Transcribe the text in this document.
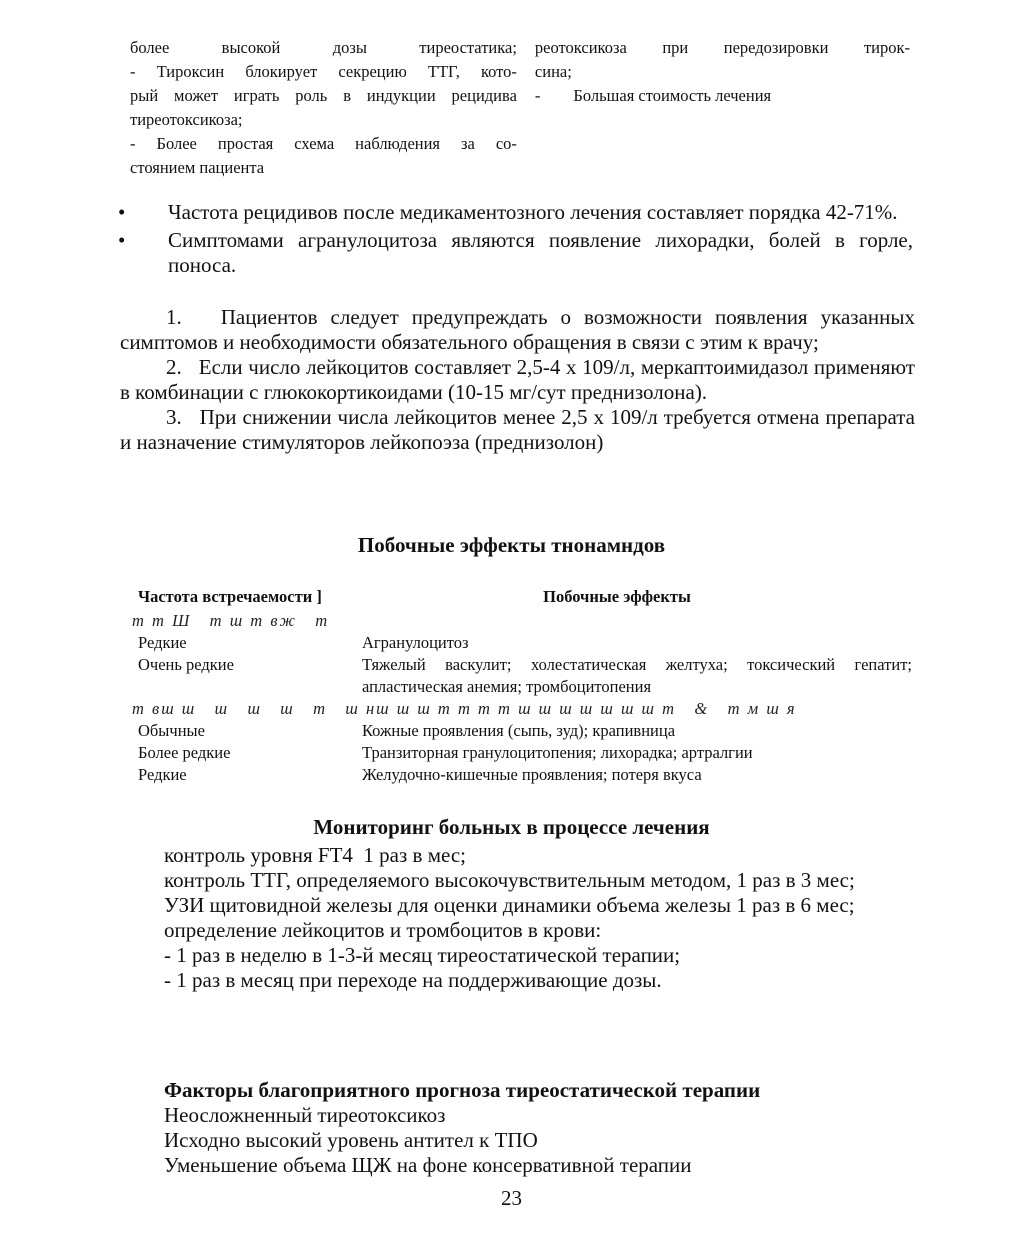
более высокой дозы тиреостатика;
- Тироксин блокирует секрецию ТТГ, кото-
рый может играть роль в индукции рецидива
тиреотоксикоза;
- Более простая схема наблюдения за со-
стоянием пациента
реотоксикоза при передозировки тирок-
сина;
-        Большая стоимость лечения
• Частота рецидивов после медикаментозного лечения составляет порядка 42-71%.
• Симптомами агранулоцитоза являются появление лихорадки, болей в горле, поноса.

1.   Пациентов следует предупреждать о возможности появления указанных симптомов и необходимости обязательного обращения в связи с этим к врачу;

2.   Если число лейкоцитов составляет 2,5-4 х 109/л, меркаптоимидазол применяют в комбинации с глюкокортикоидами (10-15 мг/сут преднизолона).

3.   При снижении числа лейкоцитов менее 2,5 х 109/л требуется отмена препарата и назначение стимуляторов лейкопоэза (преднизолон)

Побочные эффекты тнонамндов
Частота встречаемости ]	Побочные эффекты
т т Ш   т ш т вж   т
Редкие	Агранулоцитоз
Очень редкие	Тяжелый васкулит; холестатическая желтуха; токсический гепатит; апластическая анемия; тромбоцитопения
т вш ш   ш   ш   ш   т   ш нш ш ш т т т т ш ш ш ш ш ш ш т   &   т м ш я
Обычные	Кожные проявления (сыпь, зуд); крапивница
Более редкие	Транзиторная гранулоцитопения; лихорадка; артралгии
Редкие	Желудочно-кишечные проявления; потеря вкуса
Мониторинг больных в процессе лечения
контроль уровня FT4  1 раз в мес;
контроль ТТГ, определяемого высокочувствительным методом, 1 раз в 3 мес;
УЗИ щитовидной железы для оценки динамики объема железы 1 раз в 6 мес;
определение лейкоцитов и тромбоцитов в крови:
- 1 раз в неделю в 1-3-й месяц тиреостатической терапии;
- 1 раз в месяц при переходе на поддерживающие дозы.
Факторы благоприятного прогноза тиреостатической терапии
Неосложненный тиреотоксикоз
Исходно высокий уровень антител к ТПО
Уменьшение объема ЩЖ на фоне консервативной терапии
23
